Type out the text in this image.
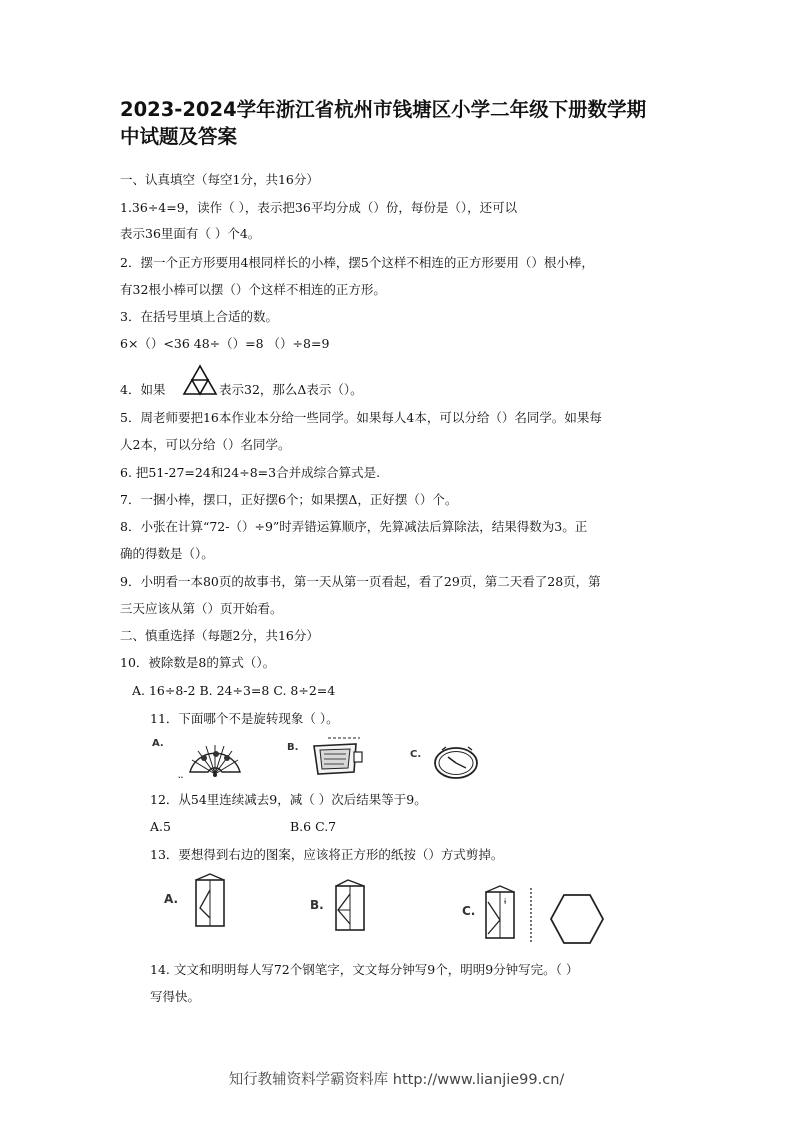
2023-2024学年浙江省杭州市钱塘区小学二年级下册数学期
中试题及答案
一、认真填空（每空1分，共16分）
1.36÷4=9，读作（ ），表示把36平均分成（）份，每份是（），还可以
表示36里面有（ ）个4。
2．摆一个正方形要用4根同样长的小棒，摆5个这样不相连的正方形要用（）根小棒，
有32根小棒可以摆（）个这样不相连的正方形。
3．在括号里填上合适的数。
6×（）<36 48÷（）=8 （）÷8=9
4．如果	表示32，那么Δ表示（）。
5．周老师要把16本作业本分给一些同学。如果每人4本，可以分给（）名同学。如果每
人2本，可以分给（）名同学。
6. 把51-27=24和24÷8=3合并成综合算式是.
7．一捆小棒，摆口，正好摆6个；如果摆Δ，正好摆（）个。
8．小张在计算“72-（）÷9”时弄错运算顺序，先算减法后算除法，结果得数为3。正
确的得数是（）。
9．小明看一本80页的故事书，第一天从第一页看起，看了29页，第二天看了28页，第
三天应该从第（）页开始看。
二、慎重选择（每题2分，共16分）
10．被除数是8的算式（）。
A. 16÷8-2 B. 24÷3=8 C. 8÷2=4
11．下面哪个不是旋转现象（ ）。
A.	B.
C.
..
12．从54里连续减去9，减（ ）次后结果等于9。
A.5	B.6 C.7
13．要想得到右边的图案，应该将正方形的纸按（）方式剪掉。
A.	B.	C.
ɨ
14. 文文和明明每人写72个钢笔字，文文每分钟写9个，明明9分钟写完。（ ）
写得快。
知行教辅资料学霸资料库 http://www.lianjie99.cn/
